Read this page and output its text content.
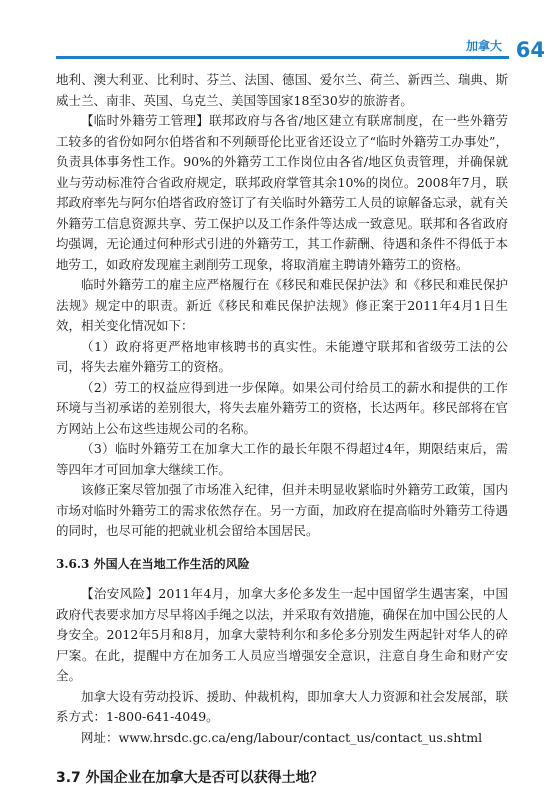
加拿大 64

地利、澳大利亚、比利时、芬兰、法国、德国、爱尔兰、荷兰、新西兰、瑞典、斯威士兰、南非、英国、乌克兰、美国等国家18至30岁的旅游者。

【临时外籍劳工管理】联邦政府与各省/地区建立有联席制度，在一些外籍劳工较多的省份如阿尔伯塔省和不列颠哥伦比亚省还设立了“临时外籍劳工办事处”，负责具体事务性工作。90%的外籍劳工工作岗位由各省/地区负责管理，并确保就业与劳动标准符合省政府规定，联邦政府掌管其余10%的岗位。2008年7月，联邦政府率先与阿尔伯塔省政府签订了有关临时外籍劳工人员的谅解备忘录，就有关外籍劳工信息资源共享、劳工保护以及工作条件等达成一致意见。联邦和各省政府均强调，无论通过何种形式引进的外籍劳工，其工作薪酬、待遇和条件不得低于本地劳工，如政府发现雇主剥削劳工现象，将取消雇主聘请外籍劳工的资格。

临时外籍劳工的雇主应严格履行在《移民和难民保护法》和《移民和难民保护法规》规定中的职责。新近《移民和难民保护法规》修正案于2011年4月1日生效，相关变化情况如下：

（1）政府将更严格地审核聘书的真实性。未能遵守联邦和省级劳工法的公司，将失去雇外籍劳工的资格。

（2）劳工的权益应得到进一步保障。如果公司付给员工的薪水和提供的工作环境与当初承诺的差别很大，将失去雇外籍劳工的资格，长达两年。移民部将在官方网站上公布这些违规公司的名称。

（3）临时外籍劳工在加拿大工作的最长年限不得超过4年，期限结束后，需等四年才可回加拿大继续工作。

该修正案尽管加强了市场准入纪律，但并未明显收紧临时外籍劳工政策，国内市场对临时外籍劳工的需求依然存在。另一方面，加政府在提高临时外籍劳工待遇的同时，也尽可能的把就业机会留给本国居民。

3.6.3 外国人在当地工作生活的风险

【治安风险】2011年4月，加拿大多伦多发生一起中国留学生遇害案，中国政府代表要求加方尽早将凶手绳之以法，并采取有效措施，确保在加中国公民的人身安全。2012年5月和8月，加拿大蒙特利尔和多伦多分别发生两起针对华人的碎尸案。在此，提醒中方在加务工人员应当增强安全意识，注意自身生命和财产安全。

加拿大设有劳动投诉、援助、仲裁机构，即加拿大人力资源和社会发展部，联系方式：1-800-641-4049。

网址：www.hrsdc.gc.ca/eng/labour/contact_us/contact_us.shtml

3.7 外国企业在加拿大是否可以获得土地？
